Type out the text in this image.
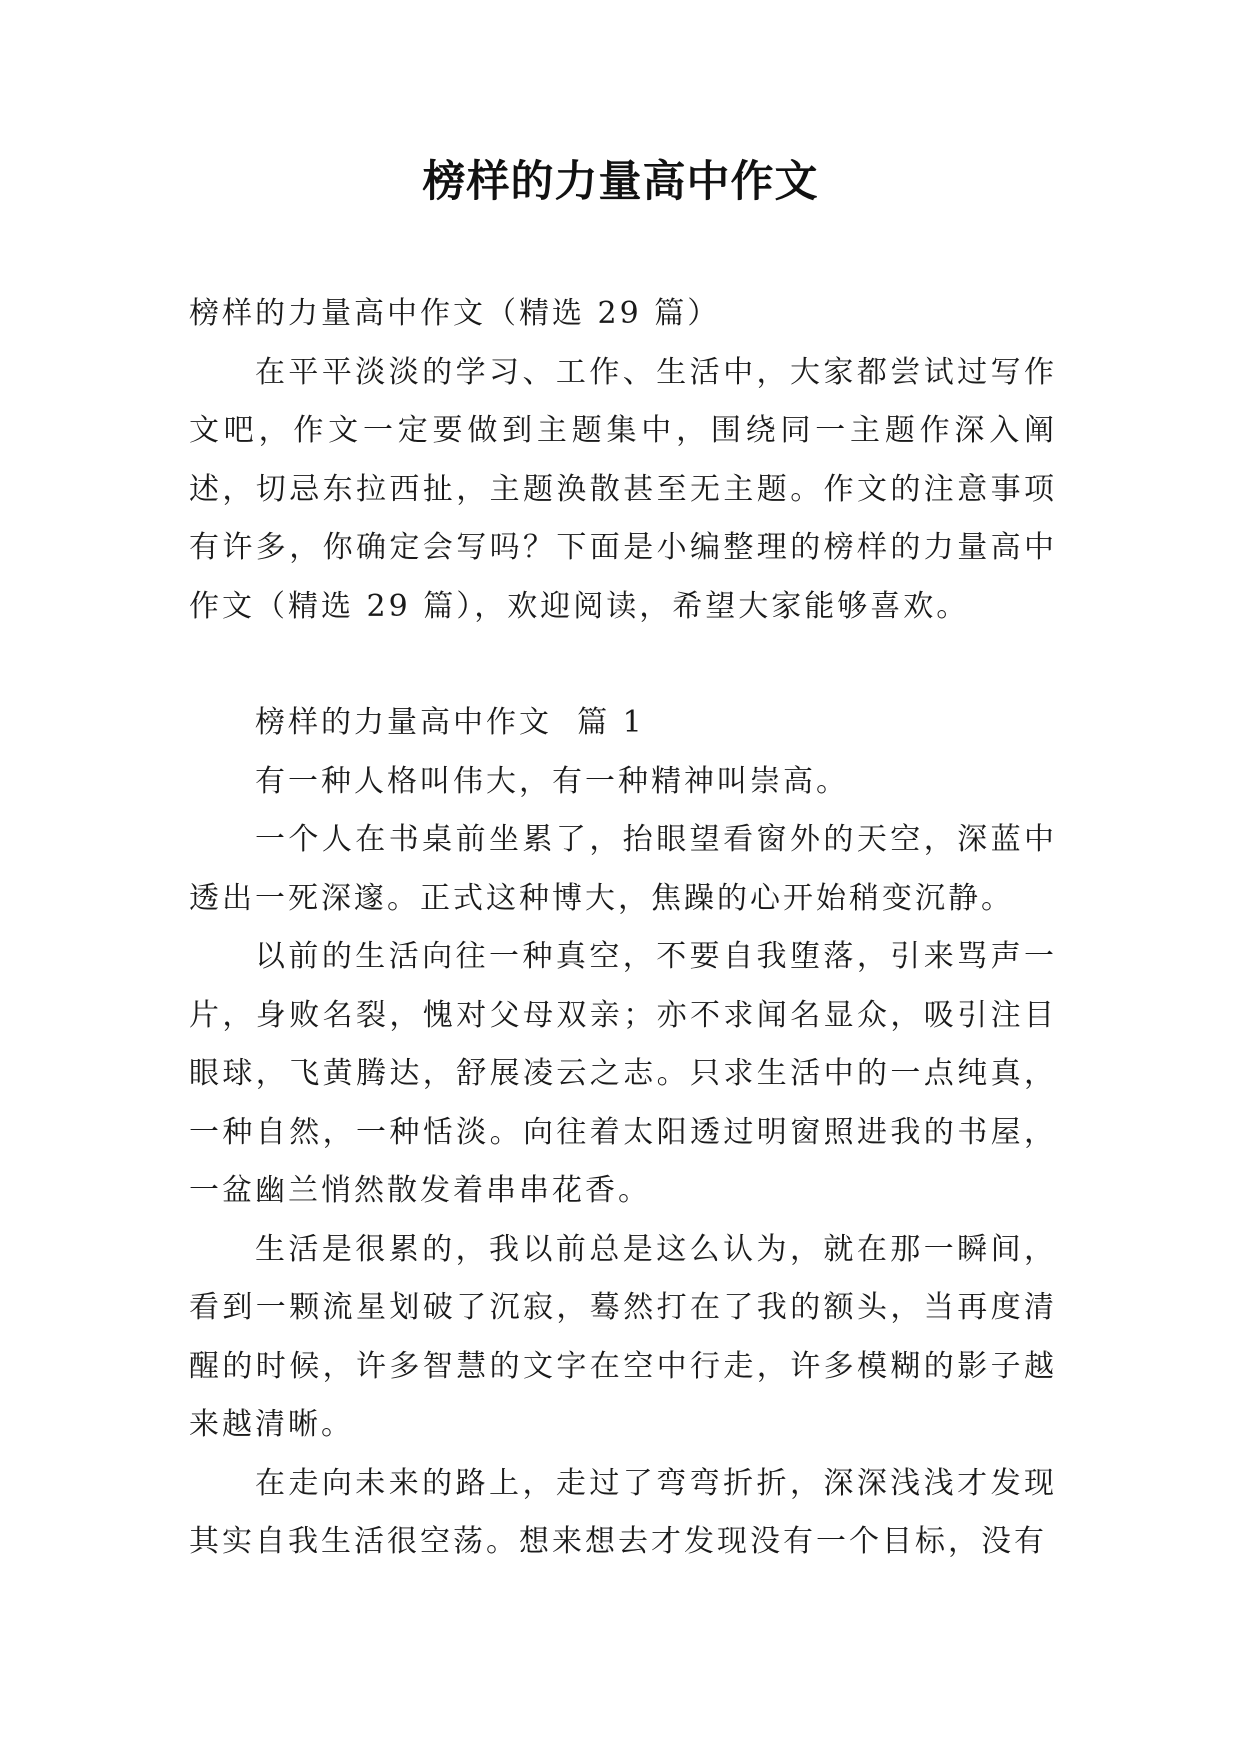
榜样的力量高中作文

榜样的力量高中作文（精选 29 篇）

在平平淡淡的学习、工作、生活中，大家都尝试过写作文吧，作文一定要做到主题集中，围绕同一主题作深入阐述，切忌东拉西扯，主题涣散甚至无主题。作文的注意事项有许多，你确定会写吗？下面是小编整理的榜样的力量高中作文（精选 29 篇），欢迎阅读，希望大家能够喜欢。

榜样的力量高中作文  篇 1

有一种人格叫伟大，有一种精神叫崇高。

一个人在书桌前坐累了，抬眼望看窗外的天空，深蓝中透出一死深邃。正式这种博大，焦躁的心开始稍变沉静。

以前的生活向往一种真空，不要自我堕落，引来骂声一片，身败名裂，愧对父母双亲；亦不求闻名显众，吸引注目眼球，飞黄腾达，舒展凌云之志。只求生活中的一点纯真，一种自然，一种恬淡。向往着太阳透过明窗照进我的书屋，一盆幽兰悄然散发着串串花香。

生活是很累的，我以前总是这么认为，就在那一瞬间，看到一颗流星划破了沉寂，蓦然打在了我的额头，当再度清醒的时候，许多智慧的文字在空中行走，许多模糊的影子越来越清晰。

在走向未来的路上，走过了弯弯折折，深深浅浅才发现其实自我生活很空荡。想来想去才发现没有一个目标，没有
